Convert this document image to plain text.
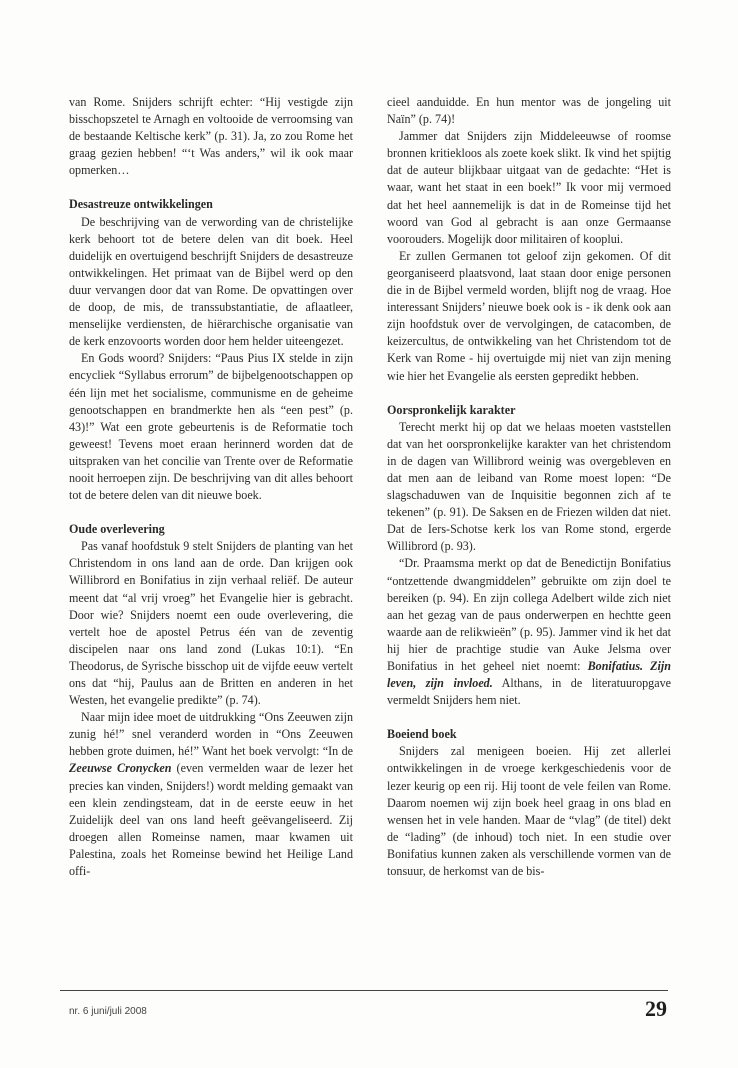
van Rome. Snijders schrijft echter: “Hij vestigde zijn bisschopszetel te Arnagh en voltooide de verroomsing van de bestaande Keltische kerk” (p. 31). Ja, zo zou Rome het graag gezien hebben! “‘t Was anders,” wil ik ook maar opmerken…

Desastreuze ontwikkelingen

De beschrijving van de verwording van de christelijke kerk behoort tot de betere delen van dit boek. Heel duidelijk en overtuigend beschrijft Snijders de desastreuze ontwikkelingen. Het primaat van de Bijbel werd op den duur vervangen door dat van Rome. De opvattingen over de doop, de mis, de transsubstantiatie, de aflaatleer, menselijke verdiensten, de hiërarchische organisatie van de kerk enzovoorts worden door hem helder uiteengezet.

En Gods woord? Snijders: “Paus Pius IX stelde in zijn encycliek “Syllabus errorum” de bijbelgenootschappen op één lijn met het socialisme, communisme en de geheime genootschappen en brandmerkte hen als “een pest” (p. 43)!” Wat een grote gebeurtenis is de Reformatie toch geweest! Tevens moet eraan herinnerd worden dat de uitspraken van het concilie van Trente over de Reformatie nooit herroepen zijn. De beschrijving van dit alles behoort tot de betere delen van dit nieuwe boek.

Oude overlevering

Pas vanaf hoofdstuk 9 stelt Snijders de planting van het Christendom in ons land aan de orde. Dan krijgen ook Willibrord en Bonifatius in zijn verhaal reliëf. De auteur meent dat “al vrij vroeg” het Evangelie hier is gebracht. Door wie? Snijders noemt een oude overlevering, die vertelt hoe de apostel Petrus één van de zeventig discipelen naar ons land zond (Lukas 10:1). “En Theodorus, de Syrische bisschop uit de vijfde eeuw vertelt ons dat “hij, Paulus aan de Britten en anderen in het Westen, het evangelie predikte” (p. 74).

Naar mijn idee moet de uitdrukking “Ons Zeeuwen zijn zunig hé!” snel veranderd worden in “Ons Zeeuwen hebben grote duimen, hé!” Want het boek vervolgt: “In de Zeeuwse Cronycken (even vermelden waar de lezer het precies kan vinden, Snijders!) wordt melding gemaakt van een klein zendingsteam, dat in de eerste eeuw in het Zuidelijk deel van ons land heeft geëvangeliseerd. Zij droegen allen Romeinse namen, maar kwamen uit Palestina, zoals het Romeinse bewind het Heilige Land offi-

cieel aanduidde. En hun mentor was de jongeling uit Naïn” (p. 74)!

Jammer dat Snijders zijn Middeleeuwse of roomse bronnen kritiekloos als zoete koek slikt. Ik vind het spijtig dat de auteur blijkbaar uitgaat van de gedachte: “Het is waar, want het staat in een boek!” Ik voor mij vermoed dat het heel aannemelijk is dat in de Romeinse tijd het woord van God al gebracht is aan onze Germaanse voorouders. Mogelijk door militairen of kooplui.

Er zullen Germanen tot geloof zijn gekomen. Of dit georganiseerd plaatsvond, laat staan door enige personen die in de Bijbel vermeld worden, blijft nog de vraag. Hoe interessant Snijders’ nieuwe boek ook is - ik denk ook aan zijn hoofdstuk over de vervolgingen, de catacomben, de keizercultus, de ontwikkeling van het Christendom tot de Kerk van Rome - hij overtuigde mij niet van zijn mening wie hier het Evangelie als eersten gepredikt hebben.

Oorspronkelijk karakter

Terecht merkt hij op dat we helaas moeten vaststellen dat van het oorspronkelijke karakter van het christendom in de dagen van Willibrord weinig was overgebleven en dat men aan de leiband van Rome moest lopen: “De slagschaduwen van de Inquisitie begonnen zich af te tekenen” (p. 91). De Saksen en de Friezen wilden dat niet. Dat de Iers-Schotse kerk los van Rome stond, ergerde Willibrord (p. 93).

“Dr. Praamsma merkt op dat de Benedictijn Bonifatius “ontzettende dwangmiddelen” gebruikte om zijn doel te bereiken (p. 94). En zijn collega Adelbert wilde zich niet aan het gezag van de paus onderwerpen en hechtte geen waarde aan de relikwieën” (p. 95). Jammer vind ik het dat hij hier de prachtige studie van Auke Jelsma over Bonifatius in het geheel niet noemt: Bonifatius. Zijn leven, zijn invloed. Althans, in de literatuuropgave vermeldt Snijders hem niet.

Boeiend boek

Snijders zal menigeen boeien. Hij zet allerlei ontwikkelingen in de vroege kerkgeschiedenis voor de lezer keurig op een rij. Hij toont de vele feilen van Rome. Daarom noemen wij zijn boek heel graag in ons blad en wensen het in vele handen. Maar de “vlag” (de titel) dekt de “lading” (de inhoud) toch niet. In een studie over Bonifatius kunnen zaken als verschillende vormen van de tonsuur, de herkomst van de bis-

nr. 6 juni/juli 2008	29
